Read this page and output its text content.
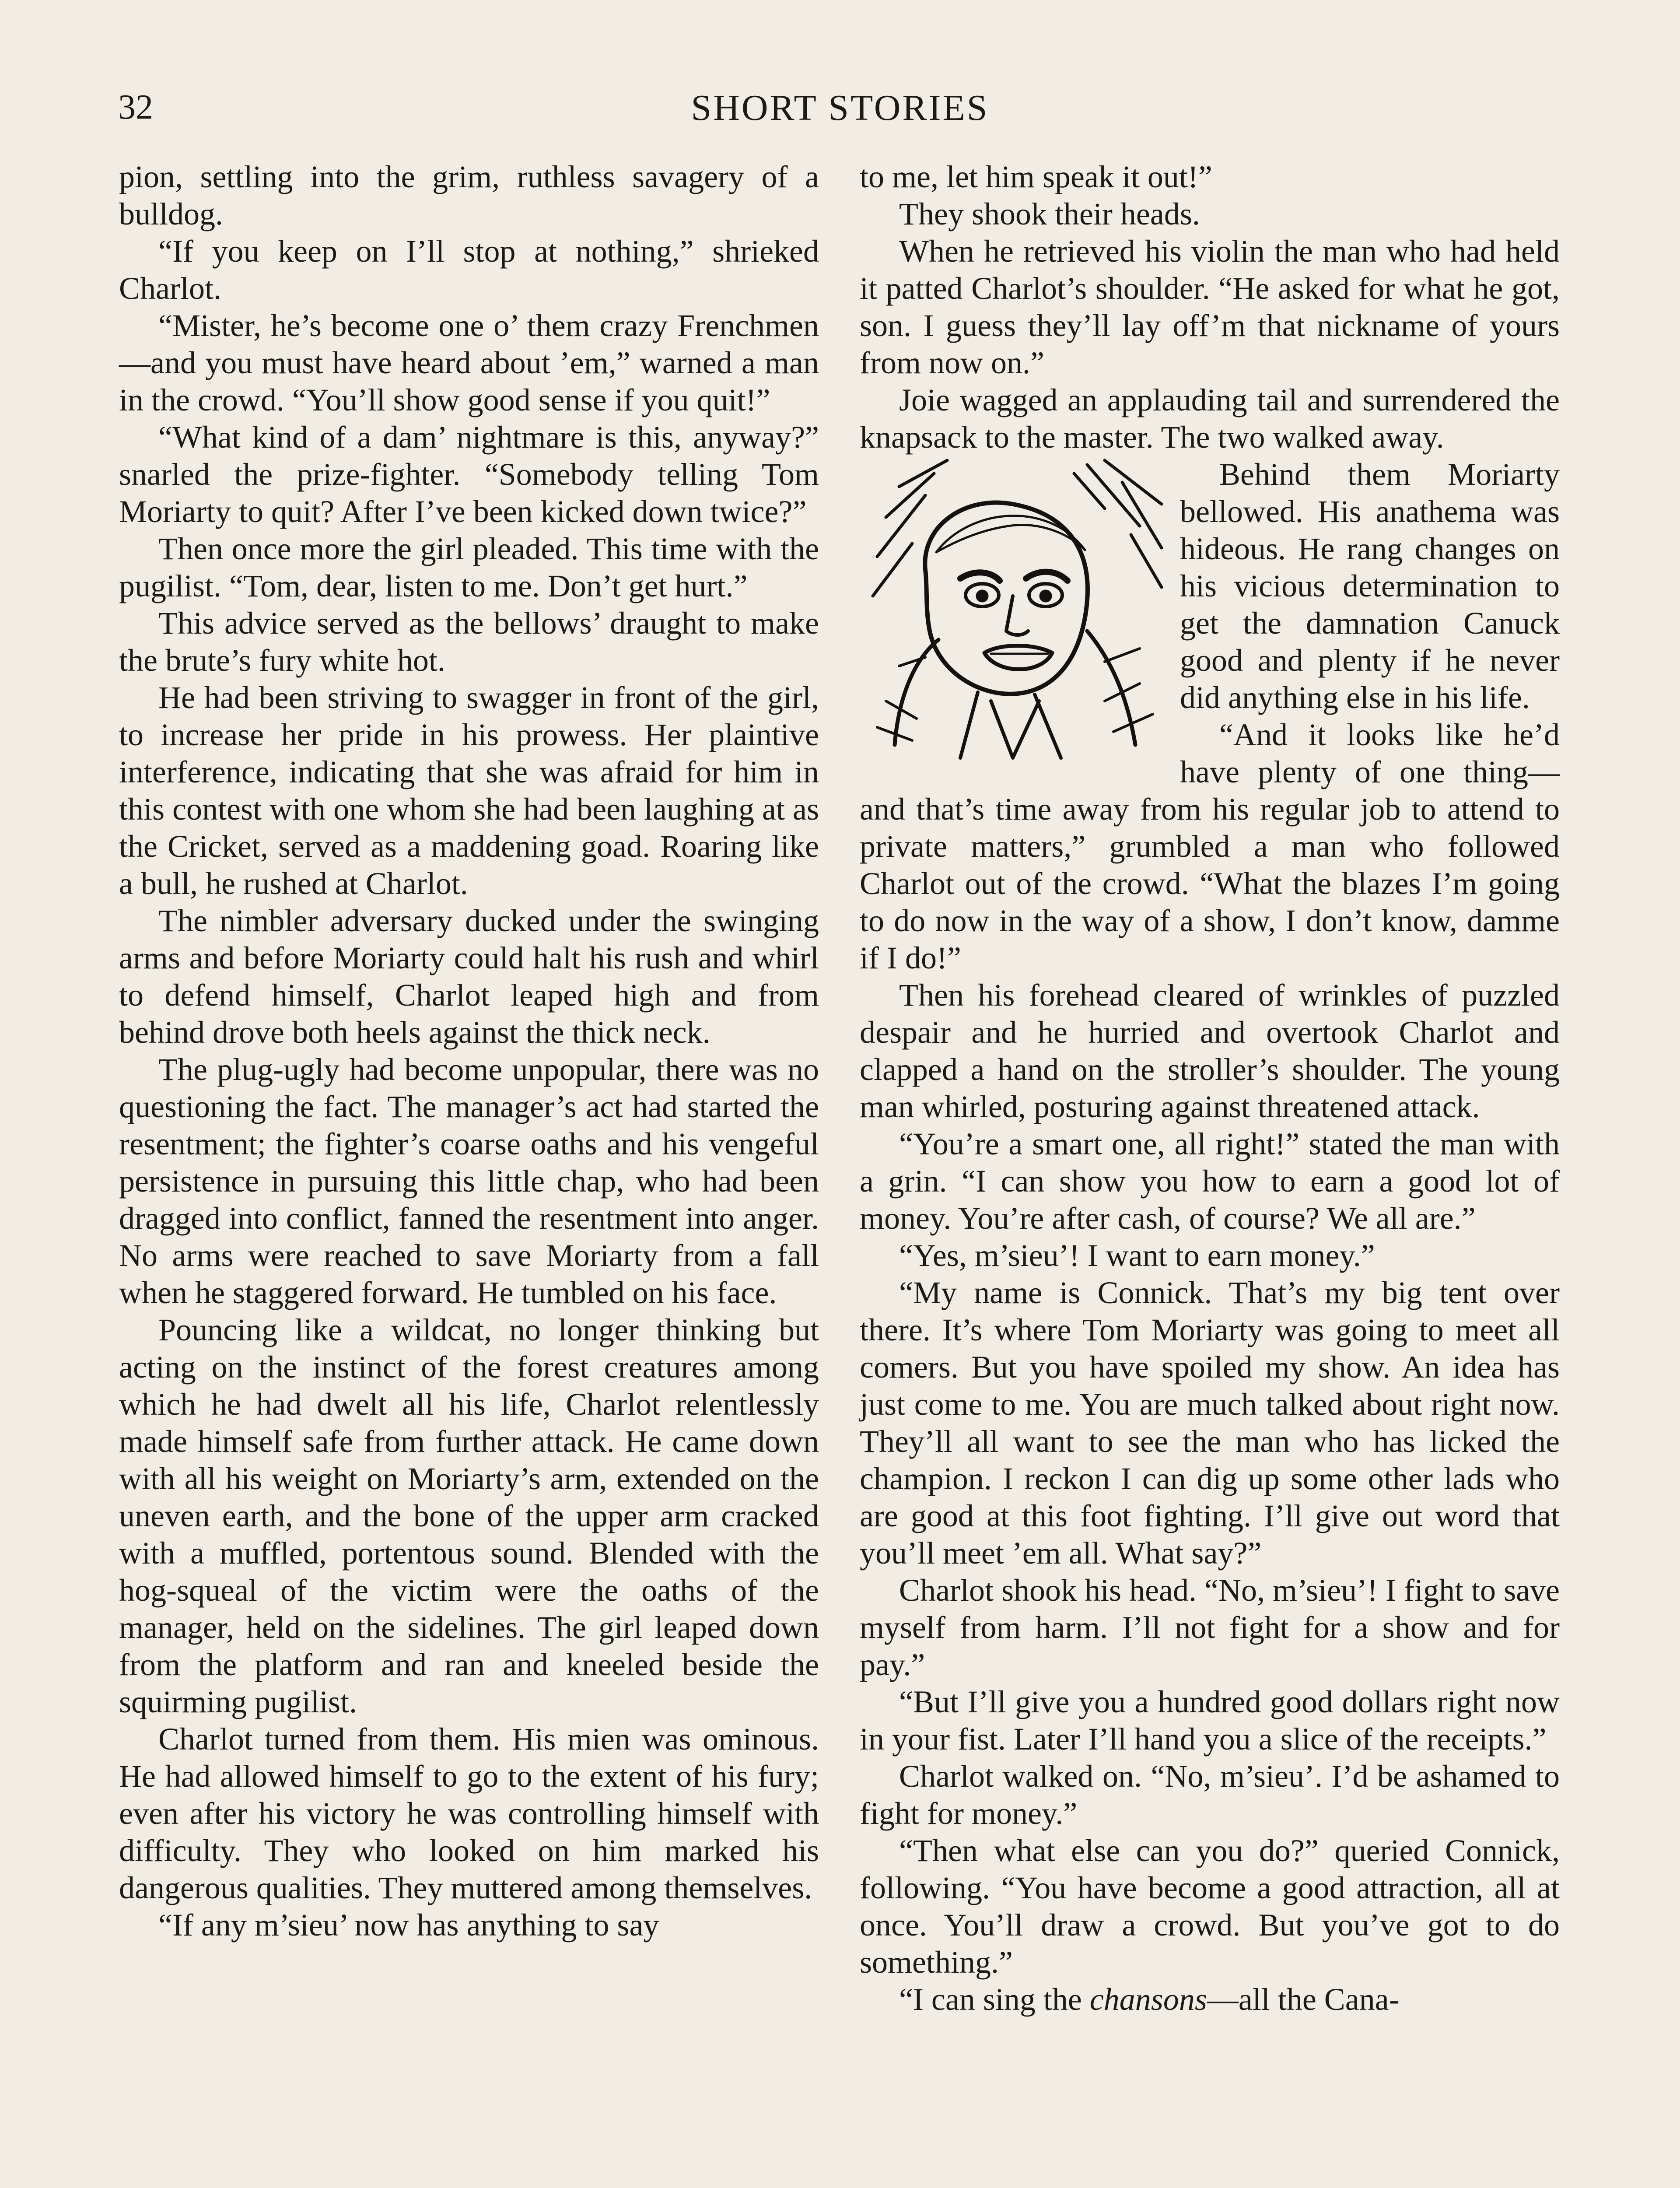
32	SHORT STORIES

pion, settling into the grim, ruthless savagery of a bulldog.

“If you keep on I’ll stop at nothing,” shrieked Charlot.

“Mister, he’s become one o’ them crazy Frenchmen—and you must have heard about ’em,” warned a man in the crowd. “You’ll show good sense if you quit!”

“What kind of a dam’ nightmare is this, anyway?” snarled the prize-fighter. “Somebody telling Tom Moriarty to quit? After I’ve been kicked down twice?”

Then once more the girl pleaded. This time with the pugilist. “Tom, dear, listen to me. Don’t get hurt.”

This advice served as the bellows’ draught to make the brute’s fury white hot.

He had been striving to swagger in front of the girl, to increase her pride in his prowess. Her plaintive interference, indicating that she was afraid for him in this contest with one whom she had been laughing at as the Cricket, served as a maddening goad. Roaring like a bull, he rushed at Charlot.

The nimbler adversary ducked under the swinging arms and before Moriarty could halt his rush and whirl to defend himself, Charlot leaped high and from behind drove both heels against the thick neck.

The plug-ugly had become unpopular, there was no questioning the fact. The manager’s act had started the resentment; the fighter’s coarse oaths and his vengeful persistence in pursuing this little chap, who had been dragged into conflict, fanned the resentment into anger. No arms were reached to save Moriarty from a fall when he staggered forward. He tumbled on his face.

Pouncing like a wildcat, no longer thinking but acting on the instinct of the forest creatures among which he had dwelt all his life, Charlot relentlessly made himself safe from further attack. He came down with all his weight on Moriarty’s arm, extended on the uneven earth, and the bone of the upper arm cracked with a muffled, portentous sound. Blended with the hog-squeal of the victim were the oaths of the manager, held on the sidelines. The girl leaped down from the platform and ran and kneeled beside the squirming pugilist.

Charlot turned from them. His mien was ominous. He had allowed himself to go to the extent of his fury; even after his victory he was controlling himself with difficulty. They who looked on him marked his dangerous qualities. They muttered among themselves.

“If any m’sieu’ now has anything to say

to me, let him speak it out!”

They shook their heads.

When he retrieved his violin the man who had held it patted Charlot’s shoulder. “He asked for what he got, son. I guess they’ll lay off’m that nickname of yours from now on.”

Joie wagged an applauding tail and surrendered the knapsack to the master. The two walked away.

Behind them Moriarty bellowed. His anathema was hideous. He rang changes on his vicious determination to get the damnation Canuck good and plenty if he never did anything else in his life.

“And it looks like he’d have plenty of one thing—and that’s time away from his regular job to attend to private matters,” grumbled a man who followed Charlot out of the crowd. “What the blazes I’m going to do now in the way of a show, I don’t know, damme if I do!”

Then his forehead cleared of wrinkles of puzzled despair and he hurried and overtook Charlot and clapped a hand on the stroller’s shoulder. The young man whirled, posturing against threatened attack.

“You’re a smart one, all right!” stated the man with a grin. “I can show you how to earn a good lot of money. You’re after cash, of course? We all are.”

“Yes, m’sieu’! I want to earn money.”

“My name is Connick. That’s my big tent over there. It’s where Tom Moriarty was going to meet all comers. But you have spoiled my show. An idea has just come to me. You are much talked about right now. They’ll all want to see the man who has licked the champion. I reckon I can dig up some other lads who are good at this foot fighting. I’ll give out word that you’ll meet ’em all. What say?”

Charlot shook his head. “No, m’sieu’! I fight to save myself from harm. I’ll not fight for a show and for pay.”

“But I’ll give you a hundred good dollars right now in your fist. Later I’ll hand you a slice of the receipts.”

Charlot walked on. “No, m’sieu’. I’d be ashamed to fight for money.”

“Then what else can you do?” queried Connick, following. “You have become a good attraction, all at once. You’ll draw a crowd. But you’ve got to do something.”

“I can sing the chansons—all the Cana-
